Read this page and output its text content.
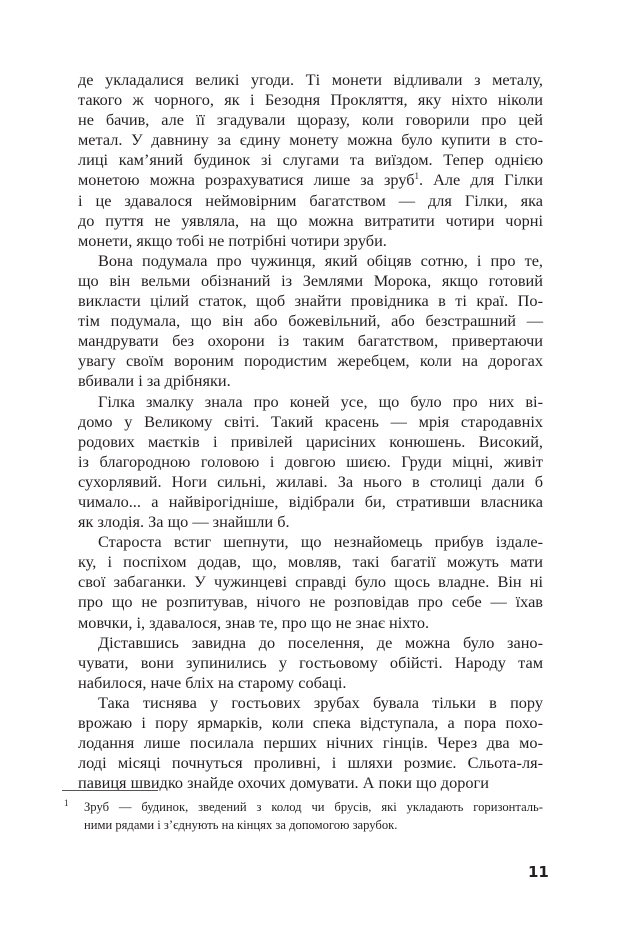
де укладалися великі угоди. Ті монети відливали з металу,
такого ж чорного, як і Безодня Прокляття, яку ніхто ніколи
не бачив, але її згадували щоразу, коли говорили про цей
метал. У давнину за єдину монету можна було купити в сто-
лиці кам’яний будинок зі слугами та виїздом. Тепер однією
монетою можна розрахуватися лише за зруб$^1$. Але для Гілки
і це здавалося неймовірним багатством — для Гілки, яка
до пуття не уявляла, на що можна витратити чотири чорні
монети, якщо тобі не потрібні чотири зруби.
Вона подумала про чужинця, який обіцяв сотню, і про те,
що він вельми обізнаний із Землями Морока, якщо готовий
викласти цілий статок, щоб знайти провідника в ті краї. По-
тім подумала, що він або божевільний, або безстрашний —
мандрувати без охорони із таким багатством, привертаючи
увагу своїм вороним породистим жеребцем, коли на дорогах
вбивали і за дрібняки.
Гілка змалку знала про коней усе, що було про них ві-
домо у Великому світі. Такий красень — мрія стародавніх
родових маєтків і привілей цариciних конюшень. Високий,
із благородною головою і довгою шиєю. Груди міцні, живіт
сухорлявий. Ноги сильні, жилаві. За нього в столиці дали б
чимало... а найвірогідніше, відібрали би, стративши власника
як злодія. За що — знайшли б.
Староста встиг шепнути, що незнайомець прибув іздале-
ку, і поспіхом додав, що, мовляв, такі багатії можуть мати
свої забаганки. У чужинцеві справді було щось владне. Він ні
про що не розпитував, нічого не розповідав про себе — їхав
мовчки, і, здавалося, знав те, про що не знає ніхто.
Діставшись завидна до поселення, де можна було зано-
чувати, вони зупинились у гостьовому обійсті. Народу там
набилося, наче бліх на старому собаці.
Така тиснява у гостьових зрубах бувала тільки в пору
врожаю і пору ярмарків, коли спека відступала, а пора похо-
лодання лише посилала перших нічних гінців. Через два мо-
лоді місяці почнуться проливні, і шляхи розмиє. Сльота-ля-
павиця швидко знайде охочих домувати. А поки що дороги
1 Зруб — будинок, зведений з колод чи брусів, які укладають горизонталь-
ними рядами і з’єднують на кінцях за допомогою зарубок.
11
